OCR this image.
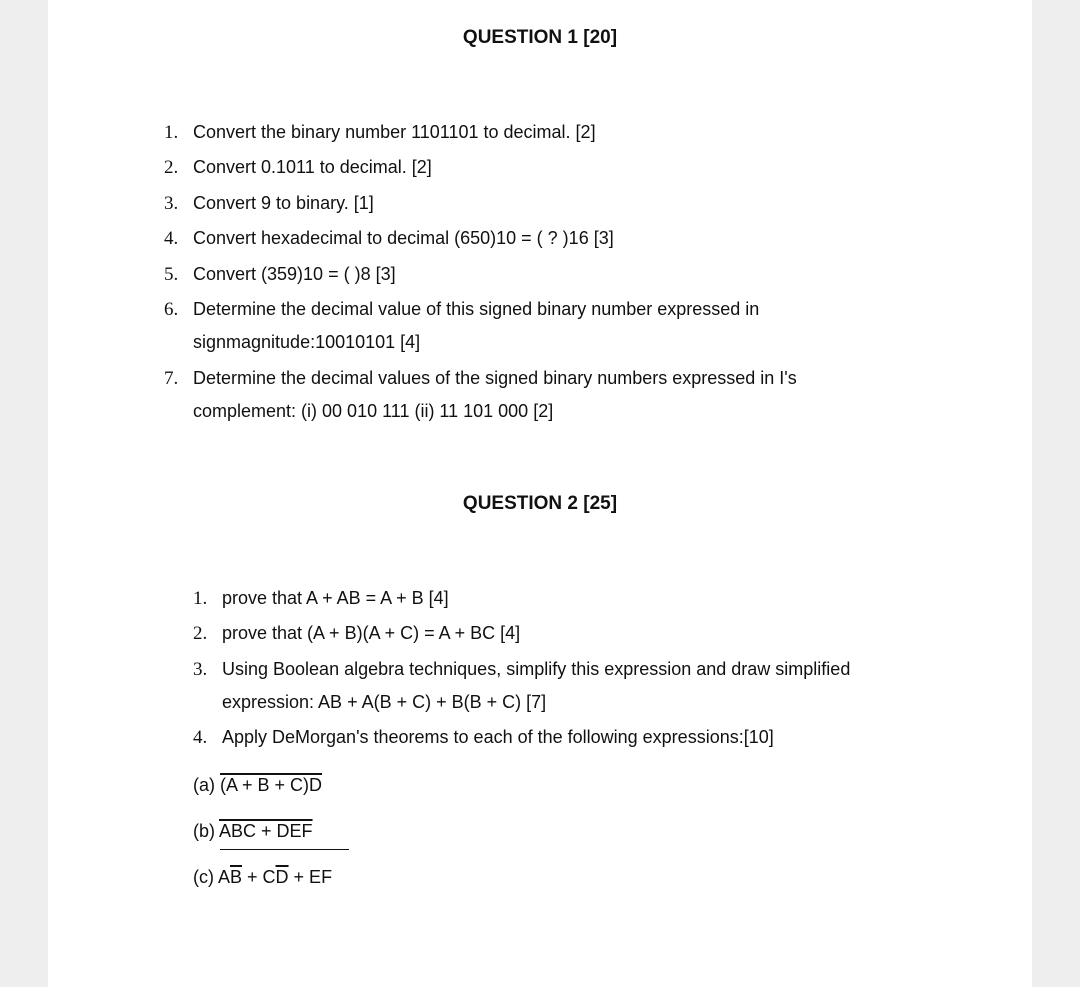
QUESTION 1 [20]
1. Convert the binary number 1101101 to decimal. [2]
2. Convert 0.1011 to decimal. [2]
3. Convert 9 to binary. [1]
4. Convert hexadecimal to decimal (650)10 = ( ? )16 [3]
5. Convert (359)10 = ( )8 [3]
6. Determine the decimal value of this signed binary number expressed in
signmagnitude:10010101 [4]
7. Determine the decimal values of the signed binary numbers expressed in I's
complement: (i) 00 010 111 (ii) 11 101 000 [2]
QUESTION 2 [25]
1. prove that A + AB = A + B [4]
2. prove that (A + B)(A + C) = A + BC [4]
3. Using Boolean algebra techniques, simplify this expression and draw simplified
expression: AB + A(B + C) + B(B + C) [7]
4. Apply DeMorgan's theorems to each of the following expressions:[10]
(a) (A + B + C)D
(b) ABC + DEF
(c) $A\overline{B} + C\overline{D}$ + EF
